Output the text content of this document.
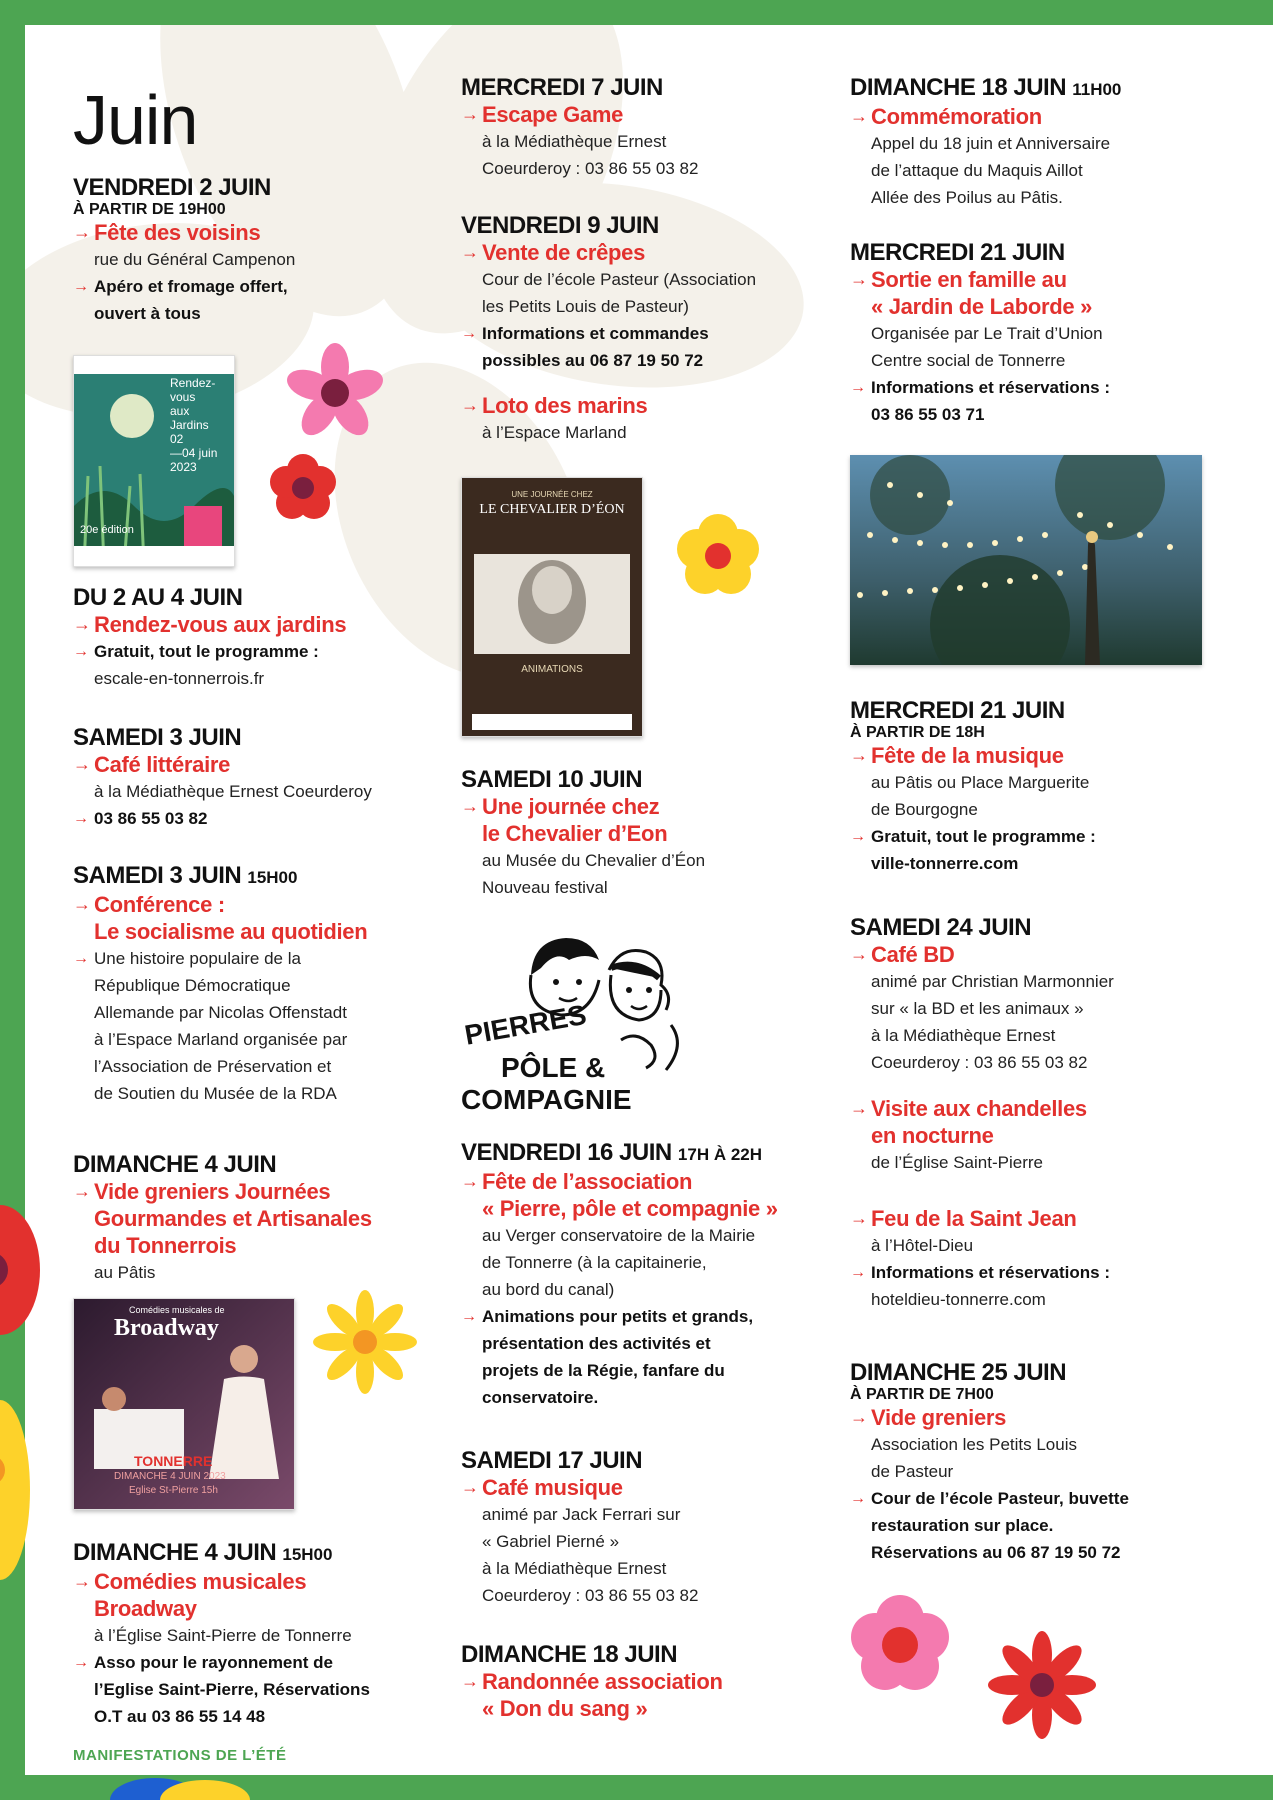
Juin
VENDREDI 2 JUIN
À PARTIR DE 19H00
→ Fête des voisins
rue du Général Campenon
→ Apéro et fromage offert,
ouvert à tous
Rendez-
vous
aux
Jardins
02
—04 juin
2023
20e édition
DU 2 AU 4 JUIN
→ Rendez-vous aux jardins
→ Gratuit, tout le programme :
escale-en-tonnerrois.fr
SAMEDI 3 JUIN
→ Café littéraire
à la Médiathèque Ernest Coeurderoy
→ 03 86 55 03 82
SAMEDI 3 JUIN 15H00
→ Conférence :
Le socialisme au quotidien
→ Une histoire populaire de la
République Démocratique
Allemande par Nicolas Offenstadt
à l’Espace Marland organisée par
l’Association de Préservation et
de Soutien du Musée de la RDA
DIMANCHE 4 JUIN
→ Vide greniers Journées
Gourmandes et Artisanales
du Tonnerrois
au Pâtis
Comédies musicales de
Broadway
TONNERRE
DIMANCHE 4 JUIN 2023
Eglise St-Pierre 15h
DIMANCHE 4 JUIN 15H00
→ Comédies musicales
Broadway
à l’Église Saint-Pierre de Tonnerre
→ Asso pour le rayonnement de
l’Eglise Saint-Pierre, Réservations
O.T au 03 86 55 14 48
MANIFESTATIONS DE L’ÉTÉ
MERCREDI 7 JUIN
→ Escape Game
à la Médiathèque Ernest
Coeurderoy : 03 86 55 03 82
VENDREDI 9 JUIN
→ Vente de crêpes
Cour de l’école Pasteur (Association
les Petits Louis de Pasteur)
→ Informations et commandes
possibles au 06 87 19 50 72
→ Loto des marins
à l’Espace Marland
UNE JOURNÉE CHEZ
LE CHEVALIER D’ÉON
ANIMATIONS
SAMEDI 10 JUIN
→ Une journée chez
le Chevalier d’Eon
au Musée du Chevalier d’Éon
Nouveau festival
PIERRES
PÔLE &
COMPAGNIE
VENDREDI 16 JUIN 17H À 22H
→ Fête de l’association
« Pierre, pôle et compagnie »
au Verger conservatoire de la Mairie
de Tonnerre (à la capitainerie,
au bord du canal)
→ Animations pour petits et grands,
présentation des activités et
projets de la Régie, fanfare du
conservatoire.
SAMEDI 17 JUIN
→ Café musique
animé par Jack Ferrari sur
« Gabriel Pierné »
à la Médiathèque Ernest
Coeurderoy : 03 86 55 03 82
DIMANCHE 18 JUIN
→ Randonnée association
« Don du sang »
DIMANCHE 18 JUIN 11H00
→ Commémoration
Appel du 18 juin et Anniversaire
de l’attaque du Maquis Aillot
Allée des Poilus au Pâtis.
MERCREDI 21 JUIN
→ Sortie en famille au
« Jardin de Laborde »
Organisée par Le Trait d’Union
Centre social de Tonnerre
→ Informations et réservations :
03 86 55 03 71
MERCREDI 21 JUIN
À PARTIR DE 18H
→ Fête de la musique
au Pâtis ou Place Marguerite
de Bourgogne
→ Gratuit, tout le programme :
ville-tonnerre.com
SAMEDI 24 JUIN
→ Café BD
animé par Christian Marmonnier
sur « la BD et les animaux »
à la Médiathèque Ernest
Coeurderoy : 03 86 55 03 82
→ Visite aux chandelles
en nocturne
de l’Église Saint-Pierre
→ Feu de la Saint Jean
à l’Hôtel-Dieu
→ Informations et réservations :
hoteldieu-tonnerre.com
DIMANCHE 25 JUIN
À PARTIR DE 7H00
→ Vide greniers
Association les Petits Louis
de Pasteur
→ Cour de l’école Pasteur, buvette
restauration sur place.
Réservations au 06 87 19 50 72
